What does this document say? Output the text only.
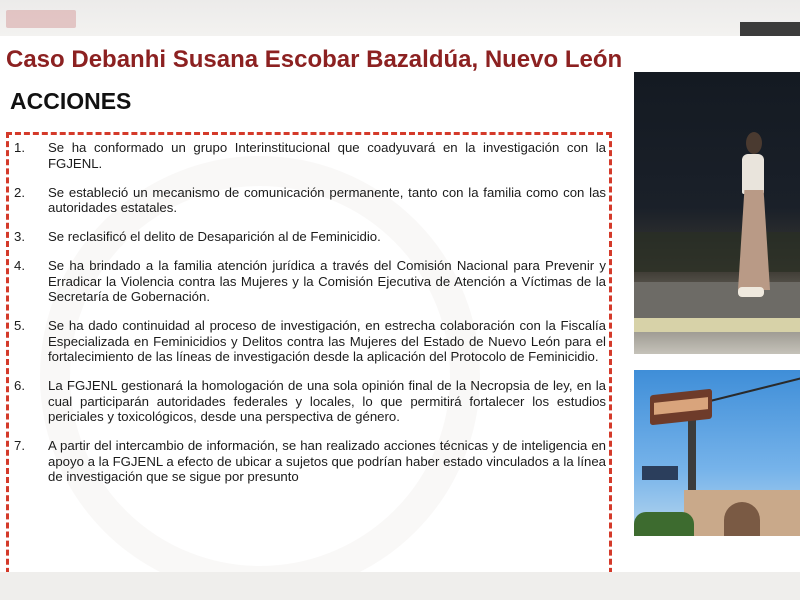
Caso Debanhi Susana Escobar Bazaldúa, Nuevo León
ACCIONES
1. Se ha conformado un grupo Interinstitucional que coadyuvará en la investigación con la FGJENL.
2. Se estableció un mecanismo de comunicación permanente, tanto con la familia como con las autoridades estatales.
3. Se reclasificó el delito de Desaparición al de Feminicidio.
4. Se ha brindado a la familia atención jurídica a través del Comisión Nacional para Prevenir y Erradicar la Violencia contra las Mujeres y la Comisión Ejecutiva de Atención a Víctimas de la Secretaría de Gobernación.
5. Se ha dado continuidad al proceso de investigación, en estrecha colaboración con la Fiscalía Especializada en Feminicidios y Delitos contra las Mujeres del Estado de Nuevo León para el fortalecimiento de las líneas de investigación desde la aplicación del Protocolo de Feminicidio.
6. La FGJENL gestionará la homologación de una sola opinión final de la Necropsia de ley, en la cual participarán autoridades federales y locales, lo que permitirá fortalecer los estudios periciales y toxicológicos, desde una perspectiva de género.
7. A partir del intercambio de información, se han realizado acciones técnicas y de inteligencia en apoyo a la FGJENL a efecto de ubicar a sujetos que podrían haber estado vinculados a la línea de investigación que se sigue por presunto
